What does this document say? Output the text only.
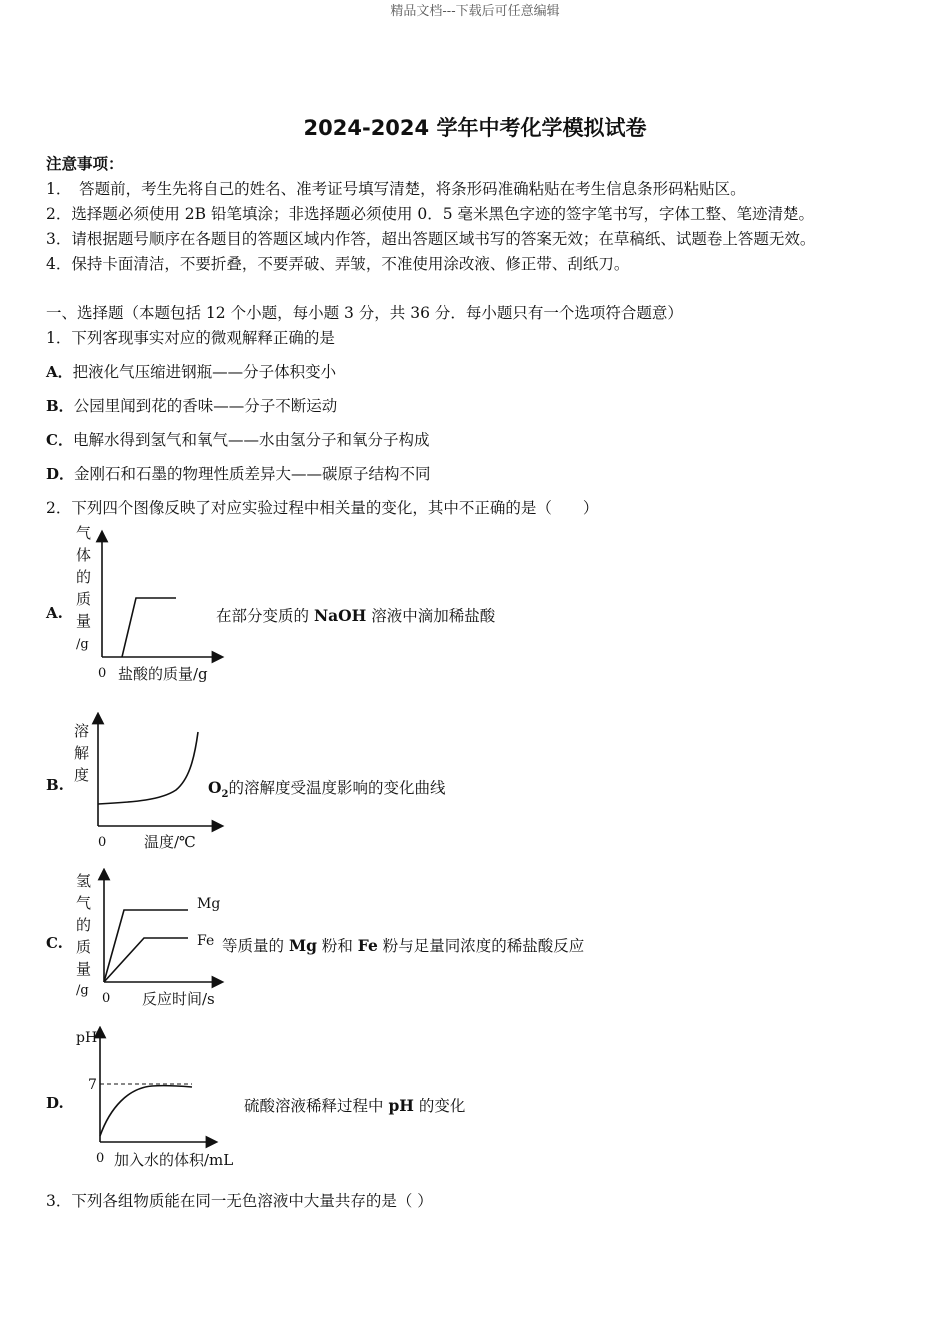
精品文档---下载后可任意编辑
2024-2024 学年中考化学模拟试卷
注意事项：
1．　答题前，考生先将自己的姓名、准考证号填写清楚，将条形码准确粘贴在考生信息条形码粘贴区。
2．选择题必须使用 2B 铅笔填涂；非选择题必须使用 0．5 毫米黑色字迹的签字笔书写，字体工整、笔迹清楚。
3．请根据题号顺序在各题目的答题区域内作答，超出答题区域书写的答案无效；在草稿纸、试题卷上答题无效。
4．保持卡面清洁，不要折叠，不要弄破、弄皱，不准使用涂改液、修正带、刮纸刀。
一、选择题（本题包括 12 个小题，每小题 3 分，共 36 分．每小题只有一个选项符合题意）
1．下列客现事实对应的微观解释正确的是
A．把液化气压缩进钢瓶——分子体积变小
B．公园里闻到花的香味——分子不断运动
C．电解水得到氢气和氧气——水由氢分子和氧分子构成
D．金刚石和石墨的物理性质差异大——碳原子结构不同
2．下列四个图像反映了对应实验过程中相关量的变化，其中不正确的是（　　）
A.
气
体
的
质
量
/g
0 盐酸的质量/g
在部分变质的 NaOH 溶液中滴加稀盐酸
B.
溶
解
度
0	温度/℃
$O_2$的溶解度受温度影响的变化曲线
C.
氢
气
的
质
量
/g
0 反应时间/s
Mg
Fe 等质量的 Mg 粉和 Fe 粉与足量同浓度的稀盐酸反应
D.
pH
7
0 加入水的体积/mL
硫酸溶液稀释过程中 pH 的变化
3．下列各组物质能在同一无色溶液中大量共存的是（ ）
